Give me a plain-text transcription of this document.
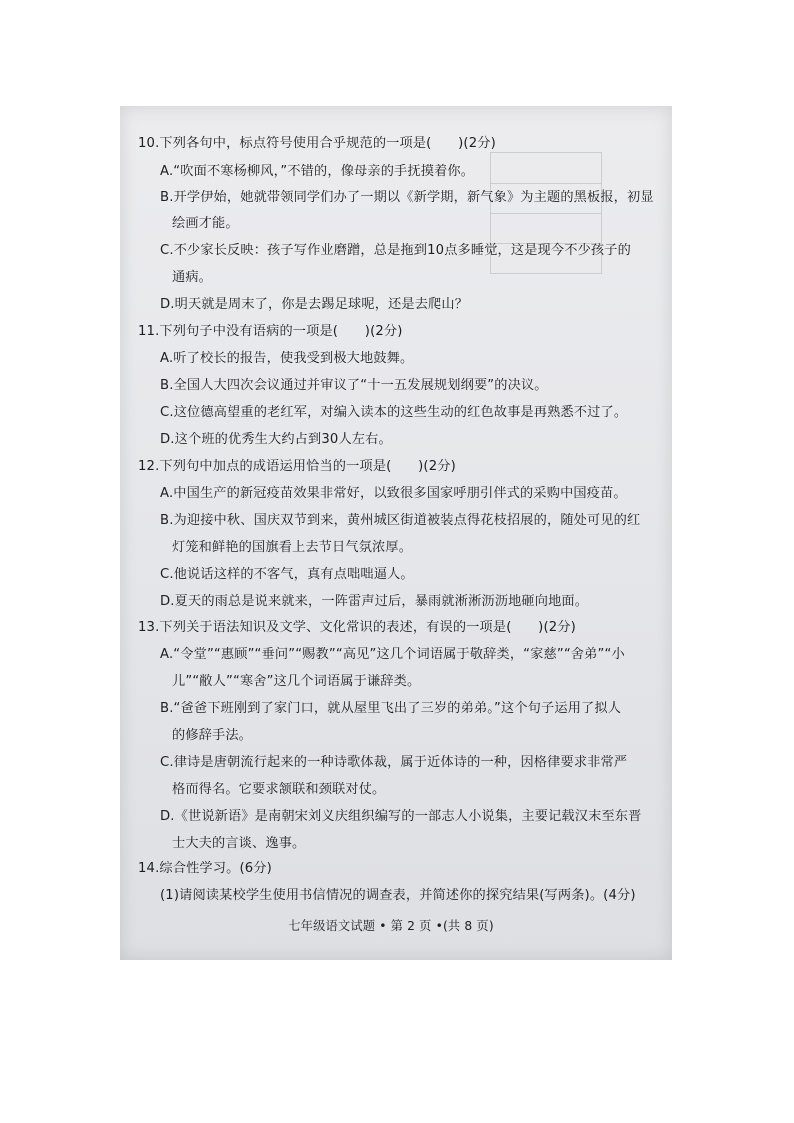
10.下列各句中，标点符号使用合乎规范的一项是(　　)(2分)
A.“吹面不寒杨柳风，”不错的，像母亲的手抚摸着你。
B.开学伊始，她就带领同学们办了一期以《新学期，新气象》为主题的黑板报，初显
绘画才能。
C.不少家长反映：孩子写作业磨蹭，总是拖到10点多睡觉，这是现今不少孩子的
通病。
D.明天就是周末了，你是去踢足球呢，还是去爬山？
11.下列句子中没有语病的一项是(　　)(2分)
A.听了校长的报告，使我受到极大地鼓舞。
B.全国人大四次会议通过并审议了“十一五发展规划纲要”的决议。
C.这位德高望重的老红军，对编入读本的这些生动的红色故事是再熟悉不过了。
D.这个班的优秀生大约占到30人左右。
12.下列句中加点的成语运用恰当的一项是(　　)(2分)
A.中国生产的新冠疫苗效果非常好，以致很多国家呼朋引伴式的采购中国疫苗。
B.为迎接中秋、国庆双节到来，黄州城区街道被装点得花枝招展的，随处可见的红
灯笼和鲜艳的国旗看上去节日气氛浓厚。
C.他说话这样的不客气，真有点咄咄逼人。
D.夏天的雨总是说来就来，一阵雷声过后，暴雨就淅淅沥沥地砸向地面。
13.下列关于语法知识及文学、文化常识的表述，有误的一项是(　　)(2分)
A.“令堂”“惠顾”“垂问”“赐教”“高见”这几个词语属于敬辞类，“家慈”“舍弟”“小
儿”“敝人”“寒舍”这几个词语属于谦辞类。
B.“爸爸下班刚到了家门口，就从屋里飞出了三岁的弟弟。”这个句子运用了拟人
的修辞手法。
C.律诗是唐朝流行起来的一种诗歌体裁，属于近体诗的一种，因格律要求非常严
格而得名。它要求颔联和颈联对仗。
D.《世说新语》是南朝宋刘义庆组织编写的一部志人小说集，主要记载汉末至东晋
士大夫的言谈、逸事。
14.综合性学习。(6分)
(1)请阅读某校学生使用书信情况的调查表，并简述你的探究结果(写两条)。(4分)
七年级语文试题 • 第 2 页 •(共 8 页)
